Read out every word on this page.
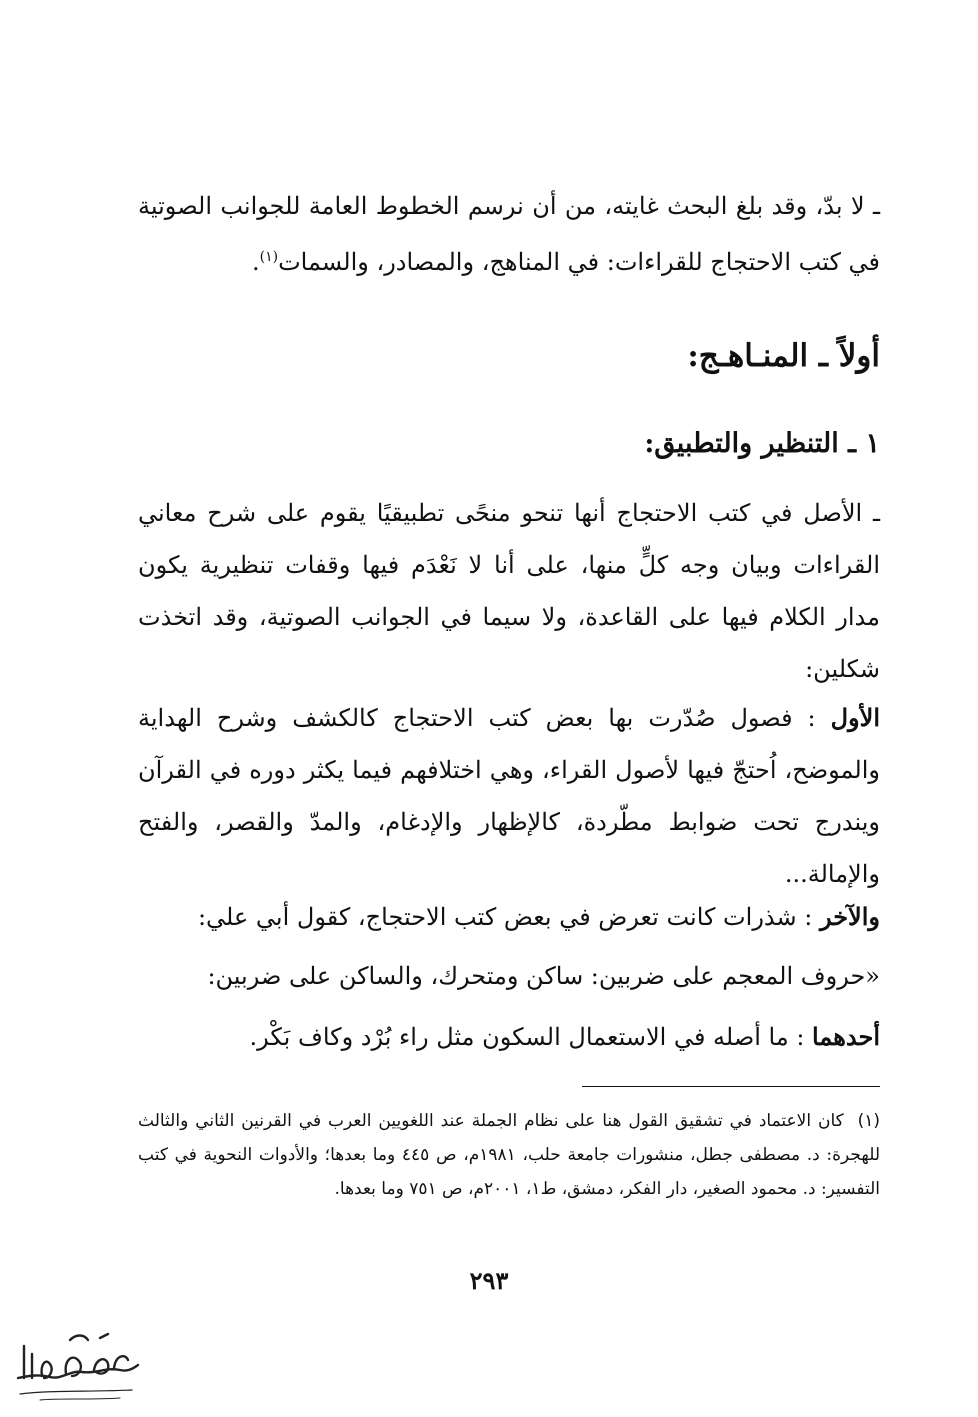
ـ لا بدّ، وقد بلغ البحث غايته، من أن نرسم الخطوط العامة للجوانب الصوتية في كتب الاحتجاج للقراءات: في المناهج، والمصادر، والسمات$^{(١)}$.

أولاً ـ المنـاهـج:
١ ـ التنظير والتطبيق:

ـ الأصل في كتب الاحتجاج أنها تنحو منحًى تطبيقيًا يقوم على شرح معاني القراءات وبيان وجه كلٍّ منها، على أنا لا نَعْدَم فيها وقفات تنظيرية يكون مدار الكلام فيها على القاعدة، ولا سيما في الجوانب الصوتية، وقد اتخذت شكلين:

الأول : فصول صُدّرت بها بعض كتب الاحتجاج كالكشف وشرح الهداية والموضح، اُحتجّ فيها لأصول القراء، وهي اختلافهم فيما يكثر دوره في القرآن ويندرج تحت ضوابط مطّردة، كالإظهار والإدغام، والمدّ والقصر، والفتح والإمالة...

والآخر : شذرات كانت تعرض في بعض كتب الاحتجاج، كقول أبي علي:

«حروف المعجم على ضربين: ساكن ومتحرك، والساكن على ضربين:

أحدهما : ما أصله في الاستعمال السكون مثل راء بُرْد وكاف بَكْر.

(١)  كان الاعتماد في تشقيق القول هنا على نظام الجملة عند اللغويين العرب في القرنين الثاني والثالث للهجرة: د. مصطفى جطل، منشورات جامعة حلب، ١٩٨١م، ص ٤٤٥ وما بعدها؛ والأدوات النحوية في كتب التفسير: د. محمود الصغير، دار الفكر، دمشق، ط١، ٢٠٠١م، ص ٧٥١ وما بعدها.

٢٩٣
